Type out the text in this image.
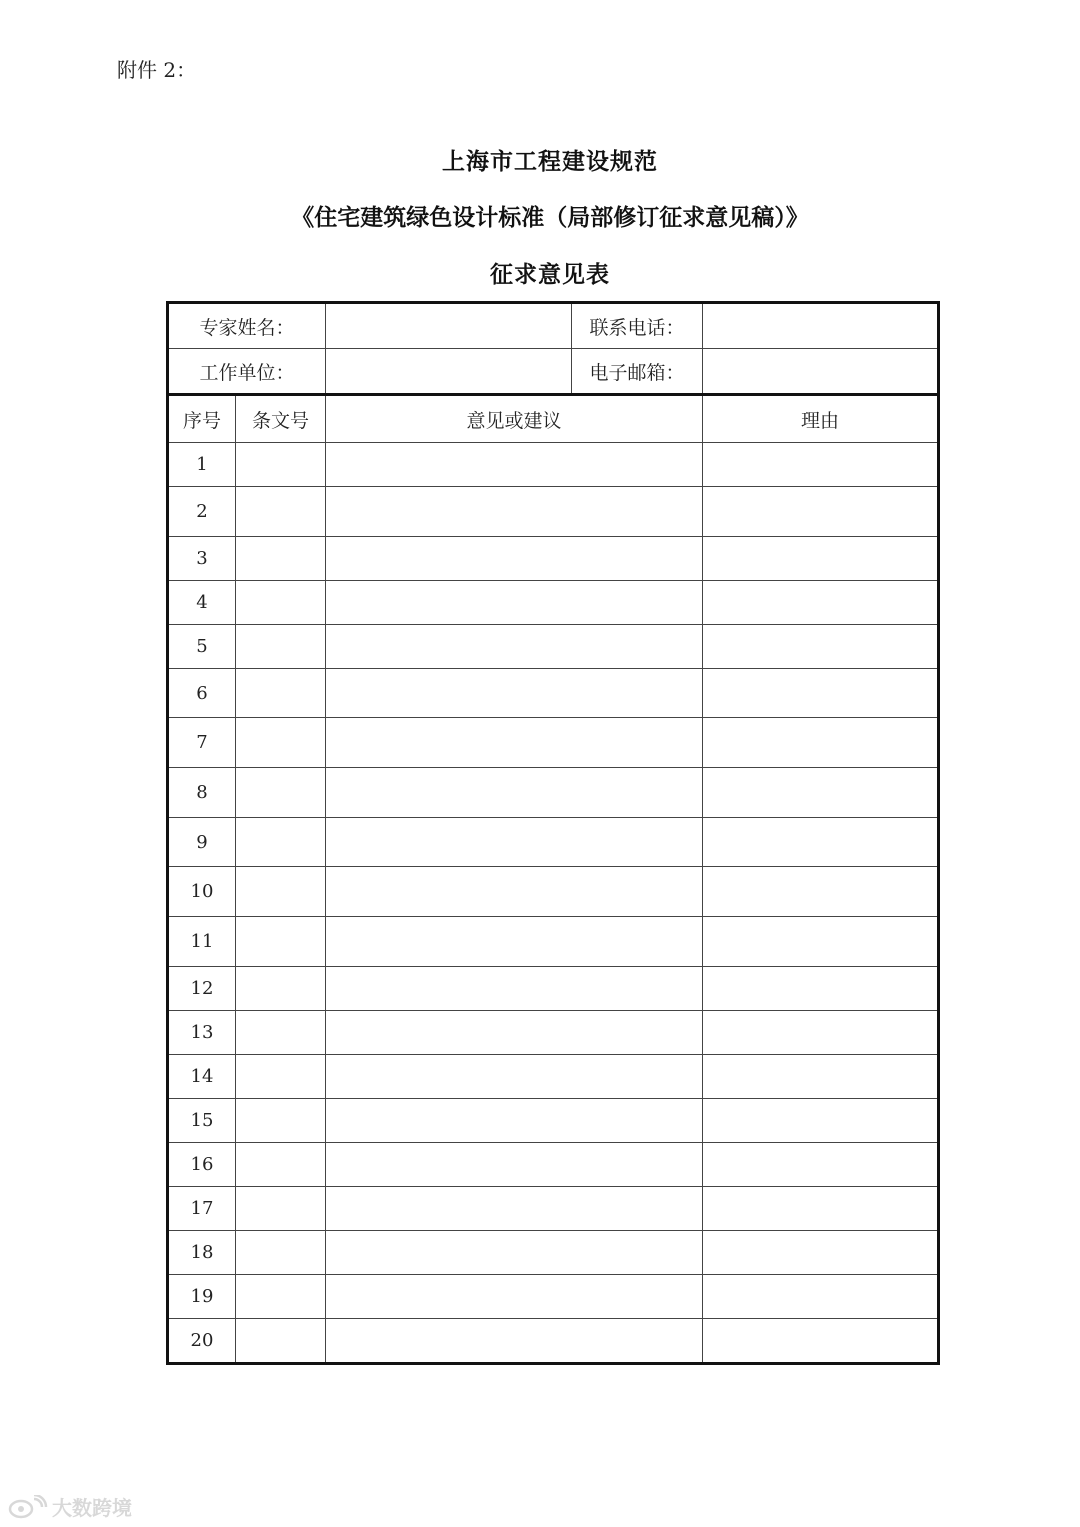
附件 2：
上海市工程建设规范
《住宅建筑绿色设计标准（局部修订征求意见稿）》
征求意见表
专家姓名：		联系电话：	
工作单位：		电子邮箱：	
序号	条文号	意见或建议	理由
1			
2			
3			
4			
5			
6			
7			
8			
9			
10			
11			
12			
13			
14			
15			
16			
17			
18			
19			
20			
大数跨境
